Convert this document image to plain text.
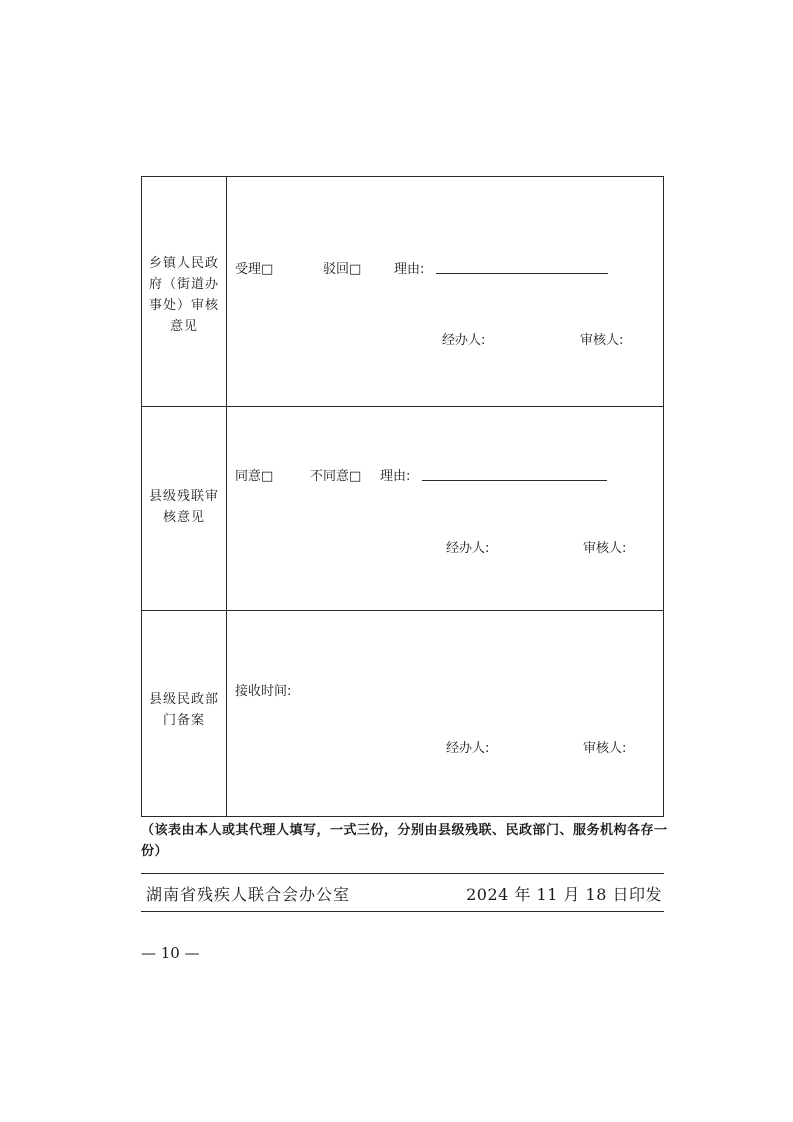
乡镇人民政
府（街道办
事处）审核
意见
受理□	驳回□	理由:
经办人:	审核人:
县级残联审
核意见
同意□	不同意□ 理由:
经办人:	审核人:
县级民政部
门备案
接收时间:
经办人:	审核人:
（该表由本人或其代理人填写，一式三份，分别由县级残联、民政部门、服务机构各存一份）
湖南省残疾人联合会办公室	2024 年 11 月 18 日印发
— 10 —
